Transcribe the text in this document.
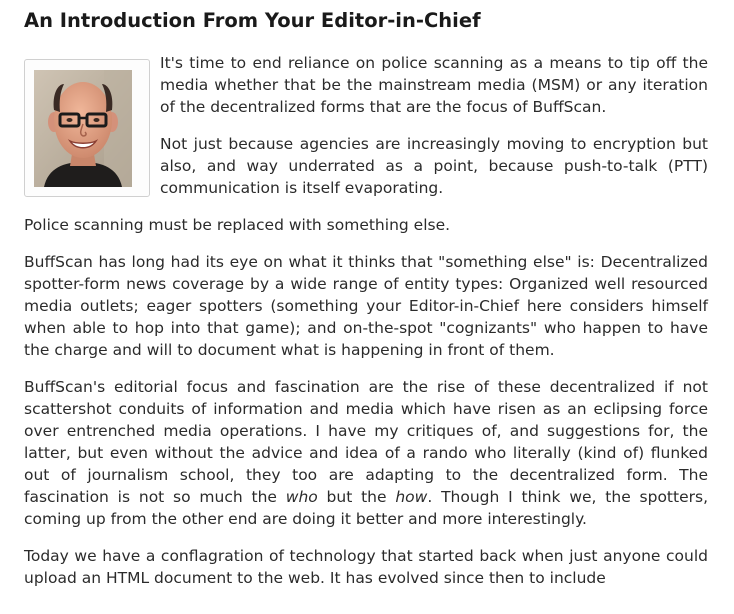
An Introduction From Your Editor-in-Chief

It's time to end reliance on police scanning as a means to tip off the media whether that be the mainstream media (MSM) or any iteration of the decentralized forms that are the focus of BuffScan.

Not just because agencies are increasingly moving to encryption but also, and way underrated as a point, because push-to-talk (PTT) communication is itself evaporating.

Police scanning must be replaced with something else.

BuffScan has long had its eye on what it thinks that "something else" is: Decentralized spotter-form news coverage by a wide range of entity types: Organized well resourced media outlets; eager spotters (something your Editor-in-Chief here considers himself when able to hop into that game); and on-the-spot "cognizants" who happen to have the charge and will to document what is happening in front of them.

BuffScan's editorial focus and fascination are the rise of these decentralized if not scattershot conduits of information and media which have risen as an eclipsing force over entrenched media operations. I have my critiques of, and suggestions for, the latter, but even without the advice and idea of a rando who literally (kind of) flunked out of journalism school, they too are adapting to the decentralized form. The fascination is not so much the who but the how. Though I think we, the spotters, coming up from the other end are doing it better and more interestingly.

Today we have a conflagration of technology that started back when just anyone could upload an HTML document to the web. It has evolved since then to include
